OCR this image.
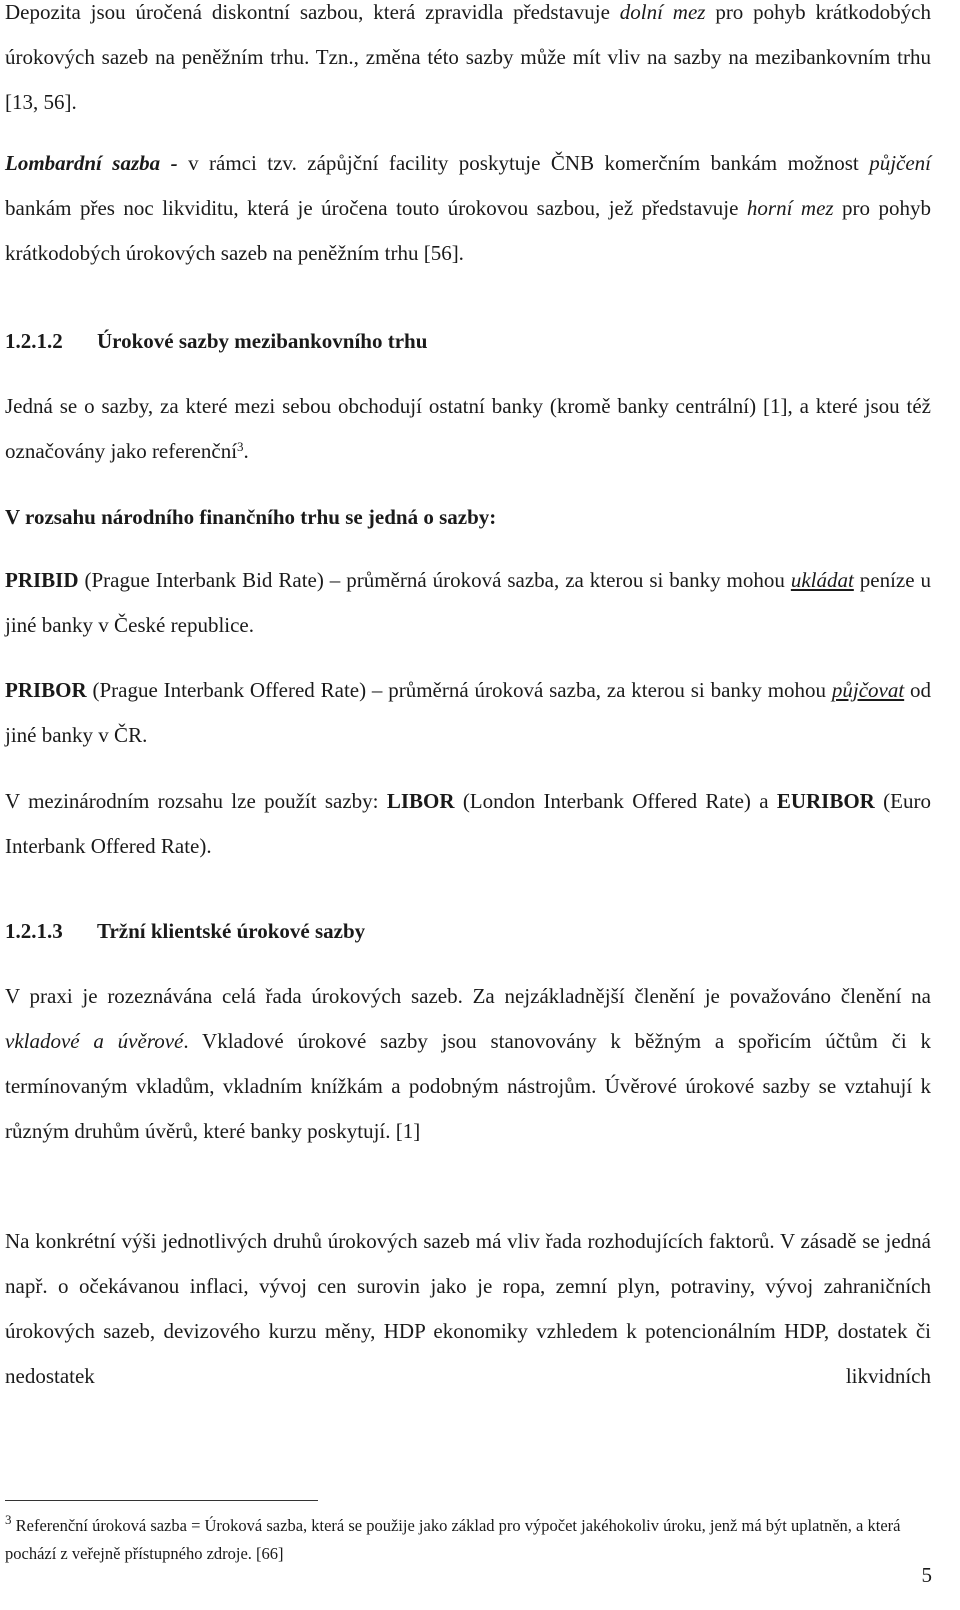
Depozita jsou úročená diskontní sazbou, která zpravidla představuje dolní mez pro pohyb krátkodobých úrokových sazeb na peněžním trhu. Tzn., změna této sazby může mít vliv na sazby na mezibankovním trhu [13, 56].

Lombardní sazba - v rámci tzv. zápůjční facility poskytuje ČNB komerčním bankám možnost půjčení bankám přes noc likviditu, která je úročena touto úrokovou sazbou, jež představuje horní mez pro pohyb krátkodobých úrokových sazeb na peněžním trhu [56].

1.2.1.2 Úrokové sazby mezibankovního trhu

Jedná se o sazby, za které mezi sebou obchodují ostatní banky (kromě banky centrální) [1], a které jsou též označovány jako referenční$^3$.

V rozsahu národního finančního trhu se jedná o sazby:

PRIBID (Prague Interbank Bid Rate) – průměrná úroková sazba, za kterou si banky mohou ukládat peníze u jiné banky v České republice.

PRIBOR (Prague Interbank Offered Rate) – průměrná úroková sazba, za kterou si banky mohou půjčovat od jiné banky v ČR.

V mezinárodním rozsahu lze použít sazby: LIBOR (London Interbank Offered Rate) a EURIBOR (Euro Interbank Offered Rate).

1.2.1.3 Tržní klientské úrokové sazby

V praxi je rozeznávána celá řada úrokových sazeb. Za nejzákladnější členění je považováno členění na vkladové a úvěrové. Vkladové úrokové sazby jsou stanovovány k běžným a spořicím účtům či k termínovaným vkladům, vkladním knížkám a podobným nástrojům. Úvěrové úrokové sazby se vztahují k různým druhům úvěrů, které banky poskytují. [1]

Na konkrétní výši jednotlivých druhů úrokových sazeb má vliv řada rozhodujících faktorů. V zásadě se jedná např. o očekávanou inflaci, vývoj cen surovin jako je ropa, zemní plyn, potraviny, vývoj zahraničních úrokových sazeb, devizového kurzu měny, HDP ekonomiky vzhledem k potencionálním HDP, dostatek či nedostatek likvidních

$^3$ Referenční úroková sazba = Úroková sazba, která se použije jako základ pro výpočet jakéhokoliv úroku, jenž má být uplatněn, a která pochází z veřejně přístupného zdroje. [66]
5
